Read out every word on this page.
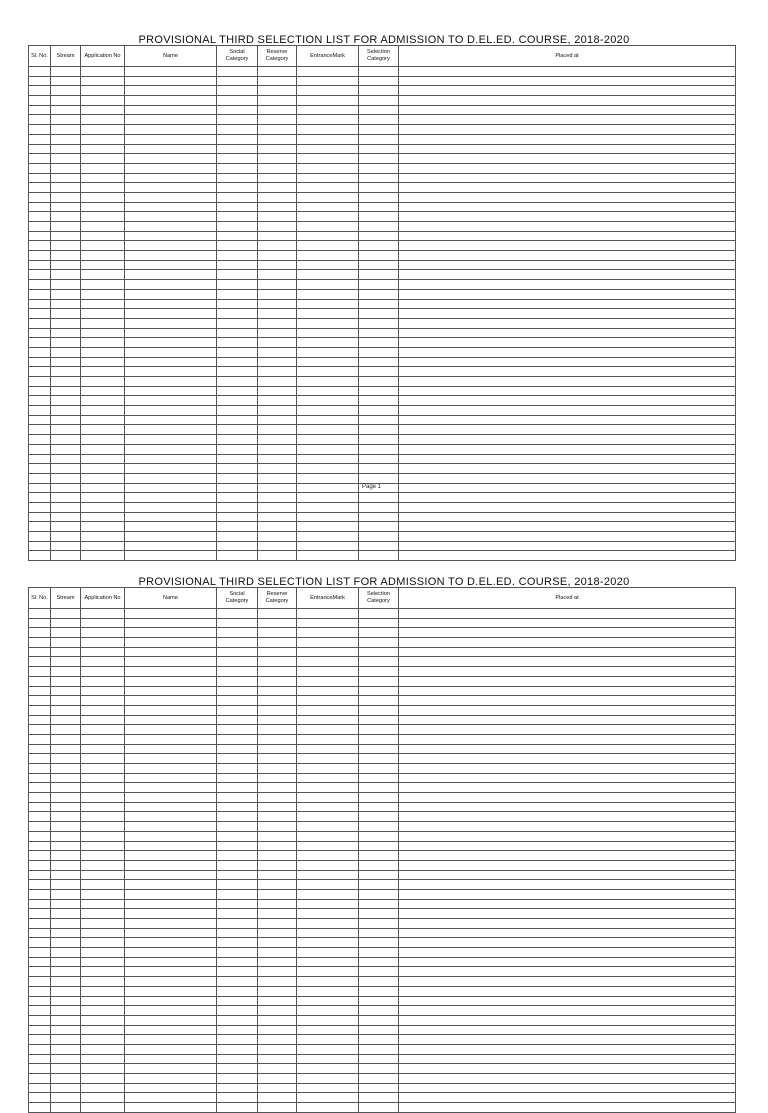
PROVISIONAL THIRD SELECTION LIST FOR ADMISSION TO D.EL.ED. COURSE, 2018-2020
Sl. No.	Stream	Application No	Name	Social Category	Reserve Category	EntranceMark	Selection Category	Placed at

Page 1
PROVISIONAL THIRD SELECTION LIST FOR ADMISSION TO D.EL.ED. COURSE, 2018-2020
Sl. No.	Stream	Application No	Name	Social Category	Reserve Category	EntranceMark	Selection Category	Placed at
